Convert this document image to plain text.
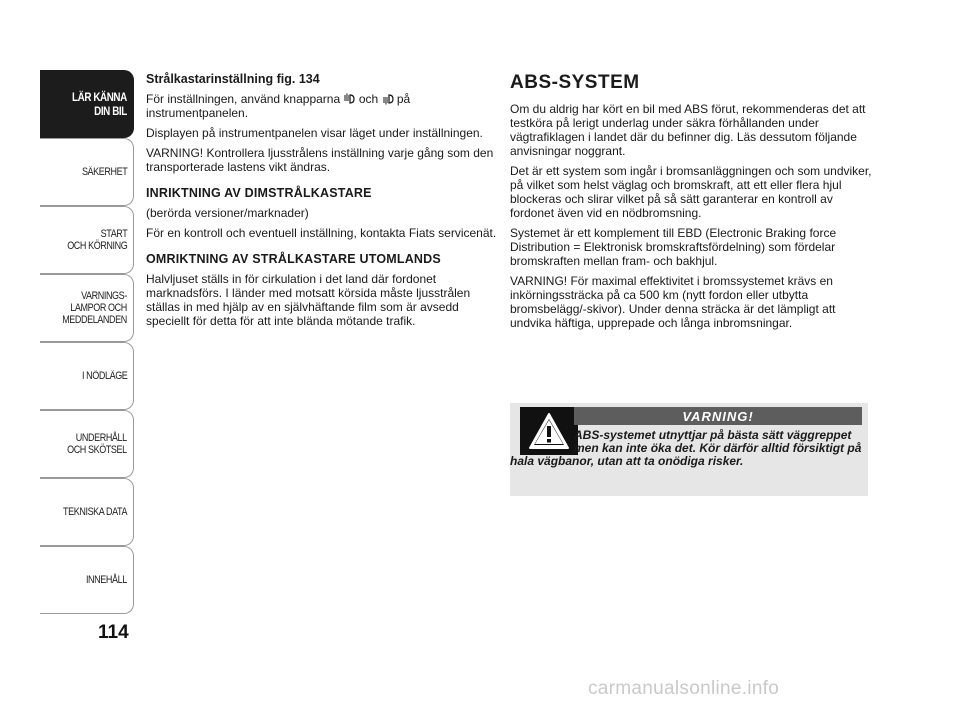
LÄR KÄNNA
DIN BIL
SÄKERHET
START
OCH KÖRNING
VARNINGS-
LAMPOR OCH
MEDDELANDEN
I NÖDLÄGE
UNDERHÅLL
OCH SKÖTSEL
TEKNISKA DATA
INNEHÅLL
114

Strålkastarinställning fig. 134

För inställningen, använd knapparna och på instrumentpanelen.

Displayen på instrumentpanelen visar läget under inställningen.

VARNING! Kontrollera ljusstrålens inställning varje gång som den transporterade lastens vikt ändras.

INRIKTNING AV DIMSTRÅLKASTARE

(berörda versioner/marknader)

För en kontroll och eventuell inställning, kontakta Fiats servicenät.

OMRIKTNING AV STRÅLKASTARE UTOMLANDS

Halvljuset ställs in för cirkulation i det land där fordonet marknadsförs. I länder med motsatt körsida måste ljusstrålen ställas in med hjälp av en självhäftande film som är avsedd speciellt för detta för att inte blända mötande trafik.

ABS-SYSTEM

Om du aldrig har kört en bil med ABS förut, rekommenderas det att testköra på lerigt underlag under säkra förhållanden under vägtrafiklagen i landet där du befinner dig. Läs dessutom följande anvisningar noggrant.

Det är ett system som ingår i bromsanläggningen och som undviker, på vilket som helst väglag och bromskraft, att ett eller flera hjul blockeras och slirar vilket på så sätt garanterar en kontroll av fordonet även vid en nödbromsning.

Systemet är ett komplement till EBD (Electronic Braking force Distribution = Elektronisk bromskraftsfördelning) som fördelar bromskraften mellan fram- och bakhjul.

VARNING! För maximal effektivitet i bromssystemet krävs en inkörningssträcka på ca 500 km (nytt fordon eller utbytta bromsbelägg/-skivor). Under denna sträcka är det lämpligt att undvika häftiga, upprepade och långa inbromsningar.

VARNING!
ABS-systemet utnyttjar på bästa sätt väggreppet men kan inte öka det. Kör därför alltid försiktigt på hala vägbanor, utan att ta onödiga risker.
carmanualsonline.info
